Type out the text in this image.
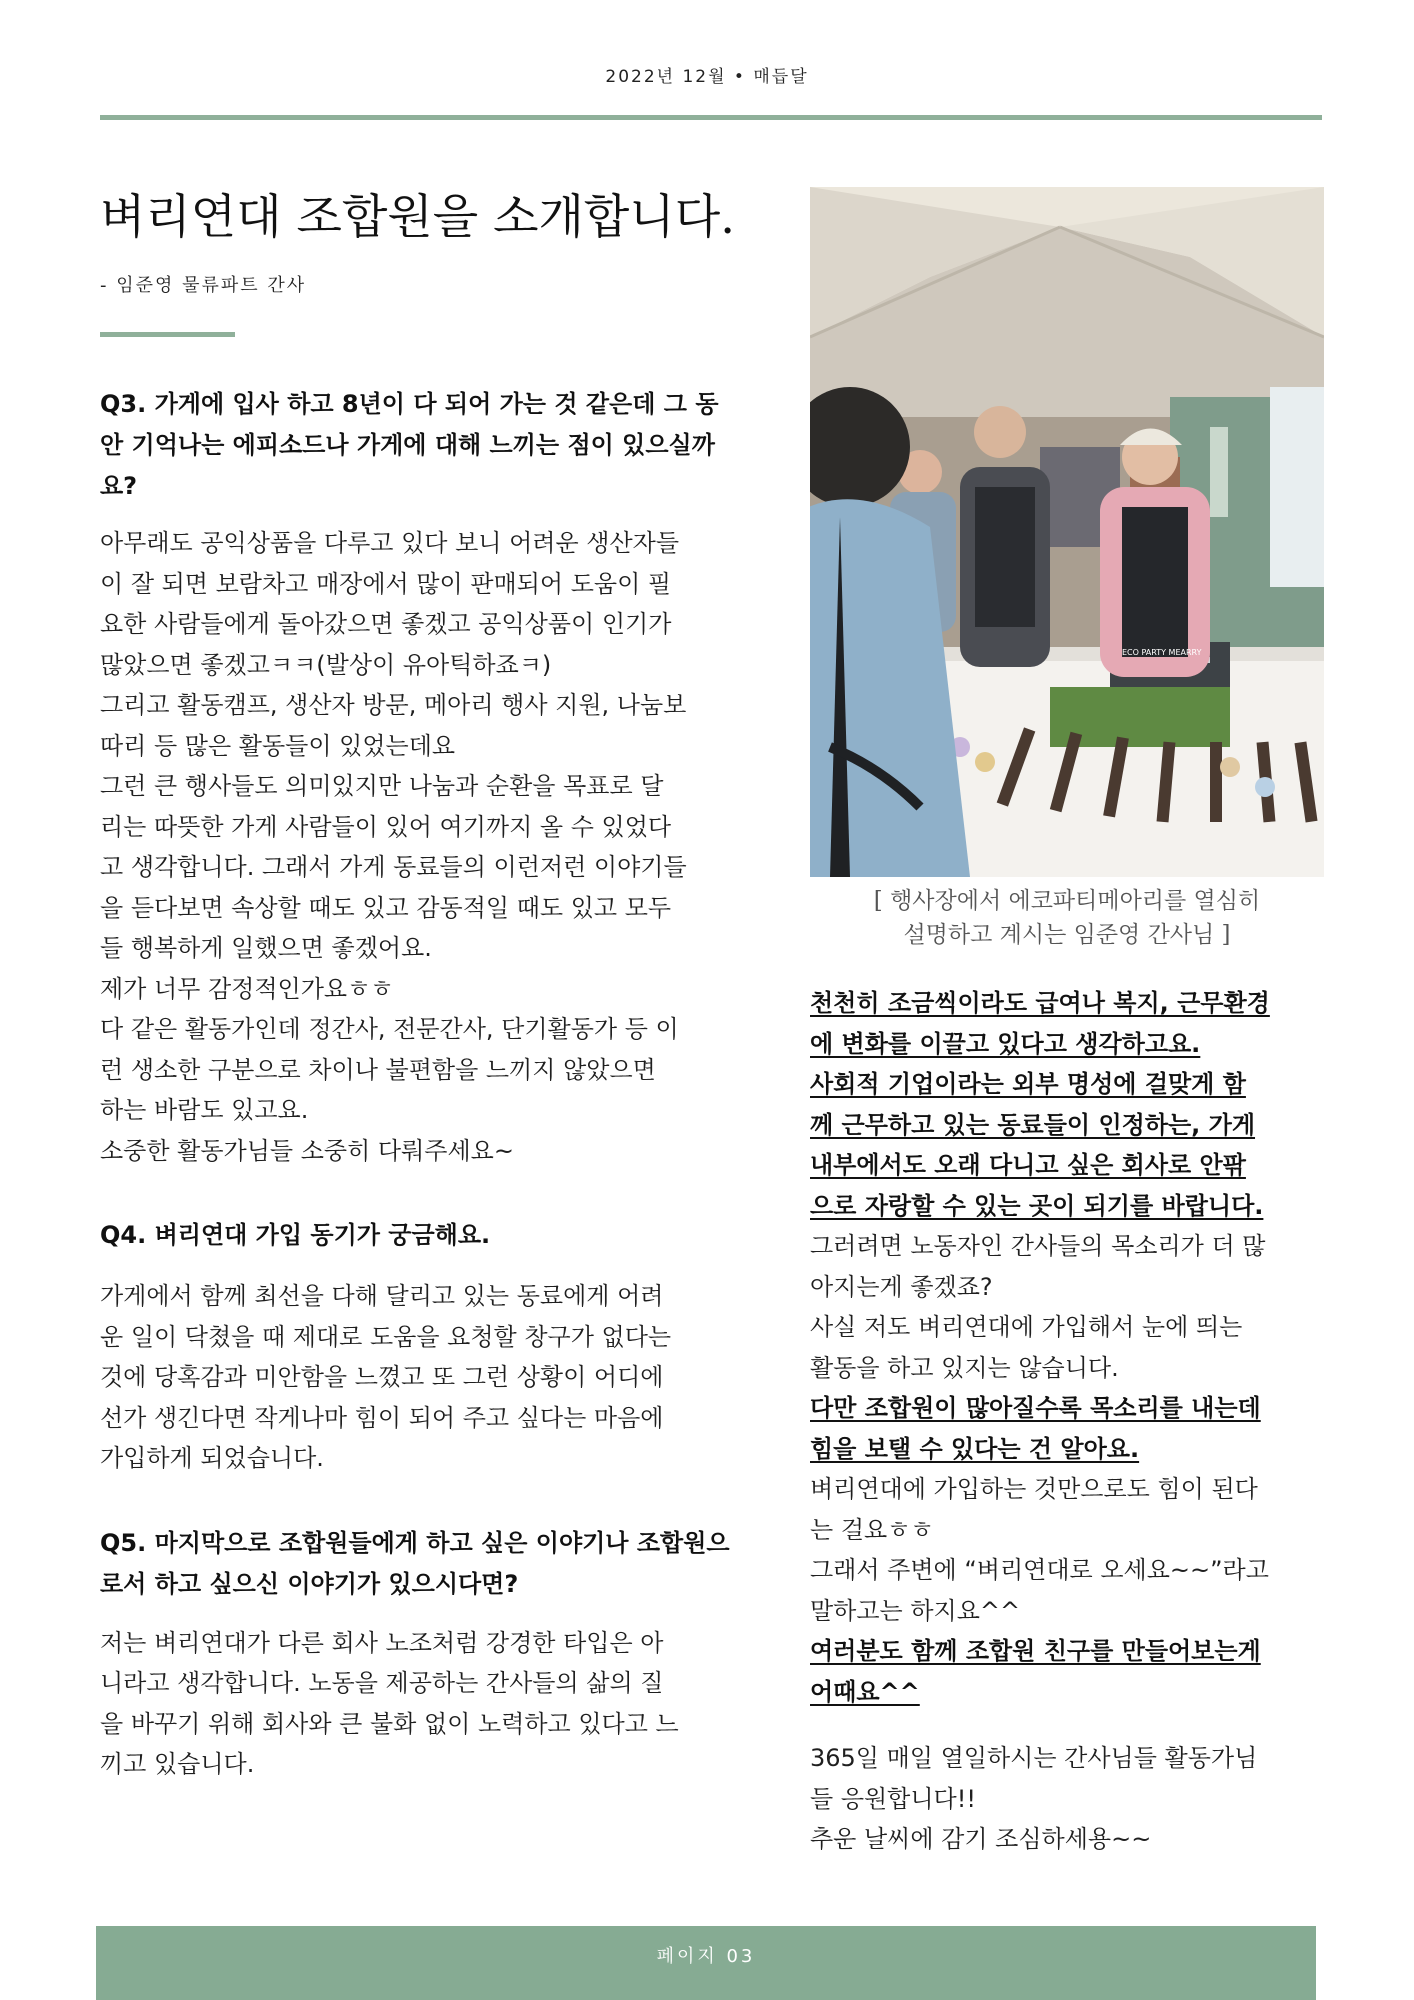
2022년 12월 • 매듭달
벼리연대 조합원을 소개합니다.
- 임준영 물류파트 간사

Q3. 가게에 입사 하고 8년이 다 되어 가는 것 같은데 그 동안 기억나는 에피소드나 가게에 대해 느끼는 점이 있으실까요?

아무래도 공익상품을 다루고 있다 보니 어려운 생산자들

이 잘 되면 보람차고 매장에서 많이 판매되어 도움이 필

요한 사람들에게 돌아갔으면 좋겠고 공익상품이 인기가

많았으면 좋겠고ㅋㅋ(발상이 유아틱하죠ㅋ)

그리고 활동캠프, 생산자 방문, 메아리 행사 지원, 나눔보

따리 등 많은 활동들이 있었는데요

그런 큰 행사들도 의미있지만 나눔과 순환을 목표로 달

리는 따뜻한 가게 사람들이 있어 여기까지 올 수 있었다

고 생각합니다. 그래서 가게 동료들의 이런저런 이야기들

을 듣다보면 속상할 때도 있고 감동적일 때도 있고 모두

들 행복하게 일했으면 좋겠어요.

제가 너무 감정적인가요ㅎㅎ

다 같은 활동가인데 정간사, 전문간사, 단기활동가 등 이

런 생소한 구분으로 차이나 불편함을 느끼지 않았으면

하는 바람도 있고요.

소중한 활동가님들 소중히 다뤄주세요~

Q4. 벼리연대 가입 동기가 궁금해요.

가게에서 함께 최선을 다해 달리고 있는 동료에게 어려

운 일이 닥쳤을 때 제대로 도움을 요청할 창구가 없다는

것에 당혹감과 미안함을 느꼈고 또 그런 상황이 어디에

선가 생긴다면 작게나마 힘이 되어 주고 싶다는 마음에

가입하게 되었습니다.

Q5. 마지막으로 조합원들에게 하고 싶은 이야기나 조합원으로서 하고 싶으신 이야기가 있으시다면?

저는 벼리연대가 다른 회사 노조처럼 강경한 타입은 아

니라고 생각합니다. 노동을 제공하는 간사들의 삶의 질

을 바꾸기 위해 회사와 큰 불화 없이 노력하고 있다고 느

끼고 있습니다.

ECO PARTY MEARRY
[ 행사장에서 에코파티메아리를 열심히
설명하고 계시는 임준영 간사님 ]

천천히 조금씩이라도 급여나 복지, 근무환경

에 변화를 이끌고 있다고 생각하고요.

사회적 기업이라는 외부 명성에 걸맞게 함

께 근무하고 있는 동료들이 인정하는, 가게

내부에서도 오래 다니고 싶은 회사로 안팎

으로 자랑할 수 있는 곳이 되기를 바랍니다.

그러려면 노동자인 간사들의 목소리가 더 많

아지는게 좋겠죠?

사실 저도 벼리연대에 가입해서 눈에 띄는

활동을 하고 있지는 않습니다.

다만 조합원이 많아질수록 목소리를 내는데

힘을 보탤 수 있다는 건 알아요.

벼리연대에 가입하는 것만으로도 힘이 된다

는 걸요ㅎㅎ

그래서 주변에 “벼리연대로 오세요~~”라고

말하고는 하지요^^

여러분도 함께 조합원 친구를 만들어보는게

어때요^^

365일 매일 열일하시는 간사님들 활동가님

들 응원합니다!!

추운 날씨에 감기 조심하세용~~

페이지 03
